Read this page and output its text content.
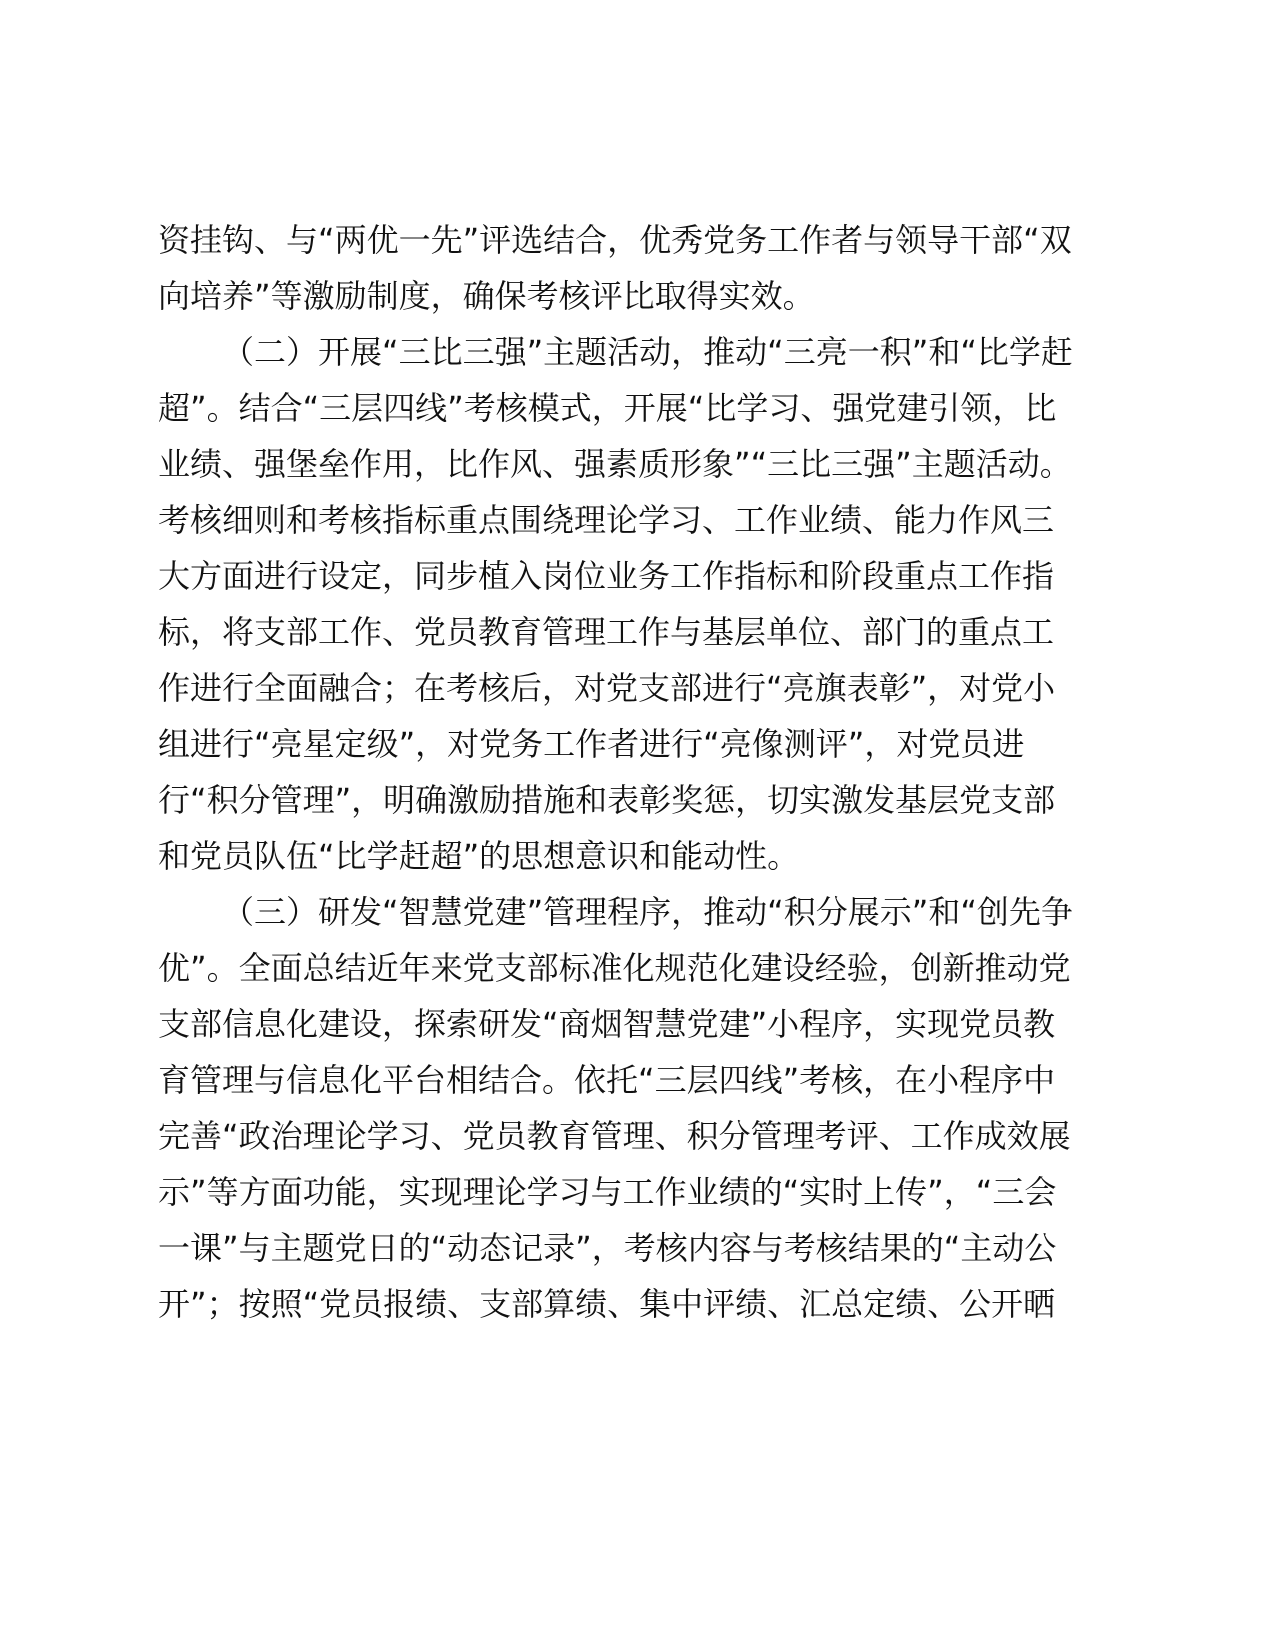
资挂钩、与“两优一先”评选结合，优秀党务工作者与领导干部“双
向培养”等激励制度，确保考核评比取得实效。
（二）开展“三比三强”主题活动，推动“三亮一积”和“比学赶
超”。结合“三层四线”考核模式，开展“比学习、强党建引领，比
业绩、强堡垒作用，比作风、强素质形象”“三比三强”主题活动。
考核细则和考核指标重点围绕理论学习、工作业绩、能力作风三
大方面进行设定，同步植入岗位业务工作指标和阶段重点工作指
标，将支部工作、党员教育管理工作与基层单位、部门的重点工
作进行全面融合；在考核后，对党支部进行“亮旗表彰”，对党小
组进行“亮星定级”，对党务工作者进行“亮像测评”，对党员进
行“积分管理”，明确激励措施和表彰奖惩，切实激发基层党支部
和党员队伍“比学赶超”的思想意识和能动性。
（三）研发“智慧党建”管理程序，推动“积分展示”和“创先争
优”。全面总结近年来党支部标准化规范化建设经验，创新推动党
支部信息化建设，探索研发“商烟智慧党建”小程序，实现党员教
育管理与信息化平台相结合。依托“三层四线”考核，在小程序中
完善“政治理论学习、党员教育管理、积分管理考评、工作成效展
示”等方面功能，实现理论学习与工作业绩的“实时上传”，“三会
一课”与主题党日的“动态记录”，考核内容与考核结果的“主动公
开”；按照“党员报绩、支部算绩、集中评绩、汇总定绩、公开晒
